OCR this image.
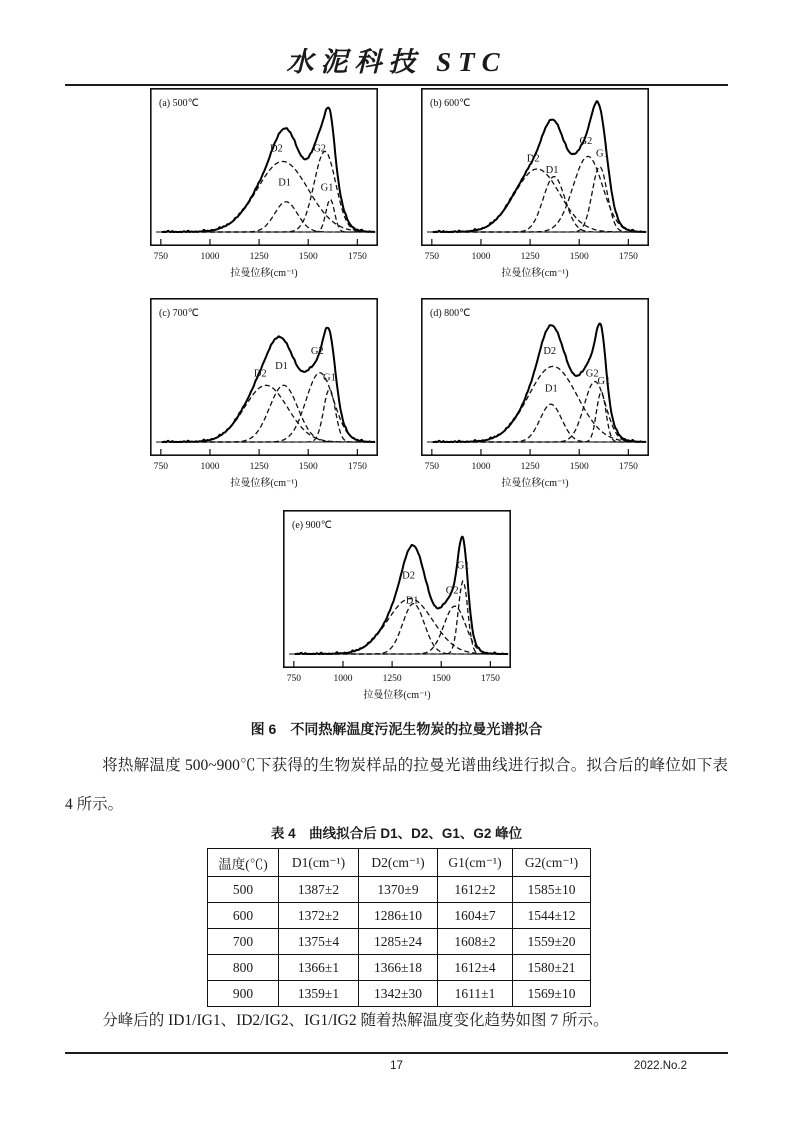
水泥科技 STC
750	1000	1250	1500	1750
拉曼位移(cm⁻¹)
(a) 500℃
D2	G2
D1	G1
750	1000	1250	1500	1750
拉曼位移(cm⁻¹)
(b) 600℃
D2
D1
G2
G1
750	1000	1250	1500	1750
拉曼位移(cm⁻¹)
(c) 700℃
D2
D1
G2
G1
750	1000	1250	1500	1750
拉曼位移(cm⁻¹)
(d) 800℃
D2
D1
G2
G1
750	1000	1250	1500	1750
拉曼位移(cm⁻¹)
(e) 900℃
D2
D1
G2
G1
图 6　不同热解温度污泥生物炭的拉曼光谱拟合
将热解温度 500~900℃下获得的生物炭样品的拉曼光谱曲线进行拟合。拟合后的峰位如下表 4 所示。
表 4　曲线拟合后 D1、D2、G1、G2 峰位
温度(℃)	D1(cm⁻¹)	D2(cm⁻¹)	G1(cm⁻¹)	G2(cm⁻¹)
500	1387±2	1370±9	1612±2	1585±10
600	1372±2	1286±10	1604±7	1544±12
700	1375±4	1285±24	1608±2	1559±20
800	1366±1	1366±18	1612±4	1580±21
900	1359±1	1342±30	1611±1	1569±10
分峰后的 ID1/IG1、ID2/IG2、IG1/IG2 随着热解温度变化趋势如图 7 所示。
17	2022.No.2
